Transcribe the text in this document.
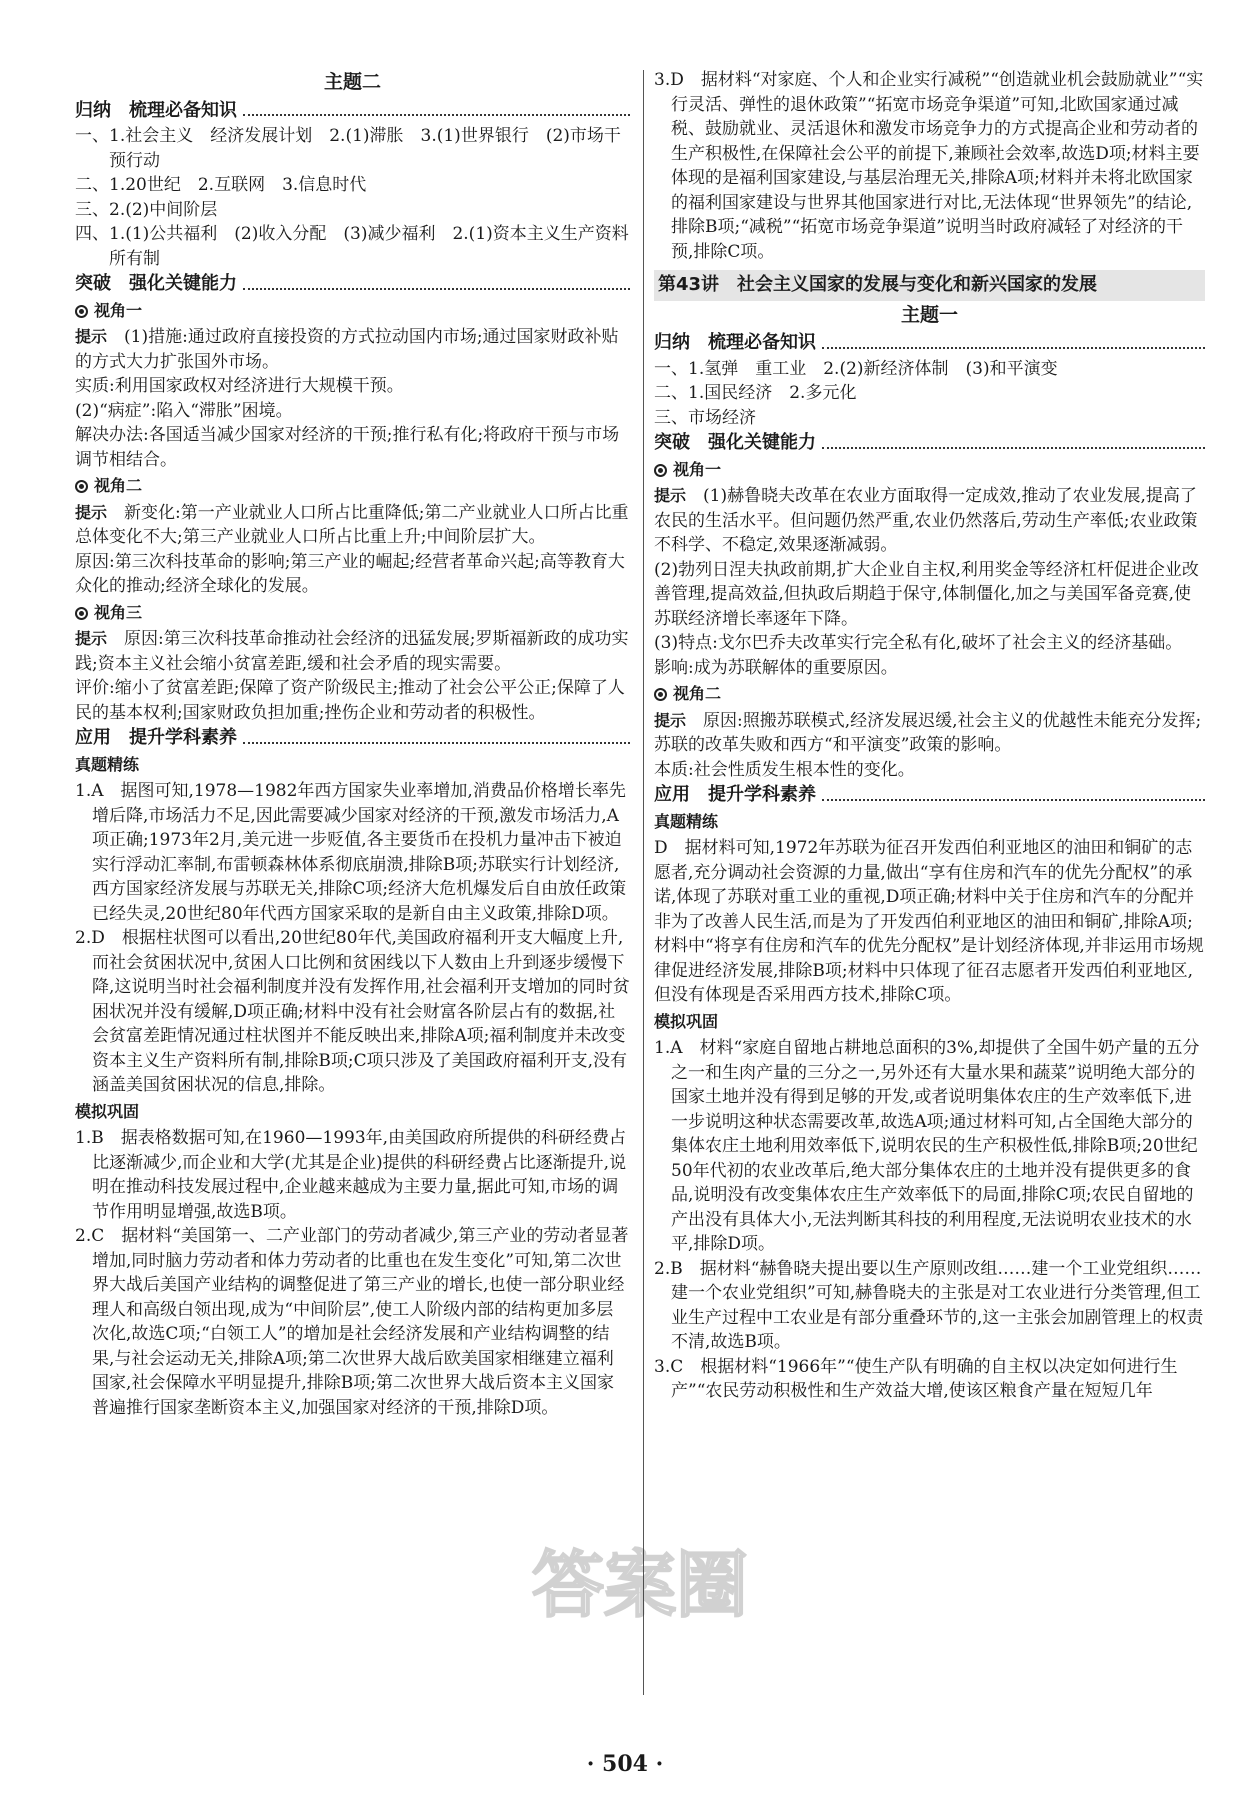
主题二
归纳　梳理必备知识

一、1.社会主义　经济发展计划　2.(1)滞胀　3.(1)世界银行　(2)市场干预行动

二、1.20世纪　2.互联网　3.信息时代

三、2.(2)中间阶层

四、1.(1)公共福利　(2)收入分配　(3)减少福利　2.(1)资本主义生产资料所有制

突破　强化关键能力
视角一

提示　(1)措施:通过政府直接投资的方式拉动国内市场;通过国家财政补贴的方式大力扩张国外市场。

实质:利用国家政权对经济进行大规模干预。

(2)“病症”:陷入“滞胀”困境。

解决办法:各国适当减少国家对经济的干预;推行私有化;将政府干预与市场调节相结合。

视角二

提示　新变化:第一产业就业人口所占比重降低;第二产业就业人口所占比重总体变化不大;第三产业就业人口所占比重上升;中间阶层扩大。

原因:第三次科技革命的影响;第三产业的崛起;经营者革命兴起;高等教育大众化的推动;经济全球化的发展。

视角三

提示　原因:第三次科技革命推动社会经济的迅猛发展;罗斯福新政的成功实践;资本主义社会缩小贫富差距,缓和社会矛盾的现实需要。

评价:缩小了贫富差距;保障了资产阶级民主;推动了社会公平公正;保障了人民的基本权利;国家财政负担加重;挫伤企业和劳动者的积极性。

应用　提升学科素养
真题精练

1.A　据图可知,1978—1982年西方国家失业率增加,消费品价格增长率先增后降,市场活力不足,因此需要减少国家对经济的干预,激发市场活力,A项正确;1973年2月,美元进一步贬值,各主要货币在投机力量冲击下被迫实行浮动汇率制,布雷顿森林体系彻底崩溃,排除B项;苏联实行计划经济,西方国家经济发展与苏联无关,排除C项;经济大危机爆发后自由放任政策已经失灵,20世纪80年代西方国家采取的是新自由主义政策,排除D项。

2.D　根据柱状图可以看出,20世纪80年代,美国政府福利开支大幅度上升,而社会贫困状况中,贫困人口比例和贫困线以下人数由上升到逐步缓慢下降,这说明当时社会福利制度并没有发挥作用,社会福利开支增加的同时贫困状况并没有缓解,D项正确;材料中没有社会财富各阶层占有的数据,社会贫富差距情况通过柱状图并不能反映出来,排除A项;福利制度并未改变资本主义生产资料所有制,排除B项;C项只涉及了美国政府福利开支,没有涵盖美国贫困状况的信息,排除。

模拟巩固

1.B　据表格数据可知,在1960—1993年,由美国政府所提供的科研经费占比逐渐减少,而企业和大学(尤其是企业)提供的科研经费占比逐渐提升,说明在推动科技发展过程中,企业越来越成为主要力量,据此可知,市场的调节作用明显增强,故选B项。

2.C　据材料“美国第一、二产业部门的劳动者减少,第三产业的劳动者显著增加,同时脑力劳动者和体力劳动者的比重也在发生变化”可知,第二次世界大战后美国产业结构的调整促进了第三产业的增长,也使一部分职业经理人和高级白领出现,成为“中间阶层”,使工人阶级内部的结构更加多层次化,故选C项;“白领工人”的增加是社会经济发展和产业结构调整的结果,与社会运动无关,排除A项;第二次世界大战后欧美国家相继建立福利国家,社会保障水平明显提升,排除B项;第二次世界大战后资本主义国家普遍推行国家垄断资本主义,加强国家对经济的干预,排除D项。

3.D　据材料“对家庭、个人和企业实行减税”“创造就业机会鼓励就业”“实行灵活、弹性的退休政策”“拓宽市场竞争渠道”可知,北欧国家通过减税、鼓励就业、灵活退休和激发市场竞争力的方式提高企业和劳动者的生产积极性,在保障社会公平的前提下,兼顾社会效率,故选D项;材料主要体现的是福利国家建设,与基层治理无关,排除A项;材料并未将北欧国家的福利国家建设与世界其他国家进行对比,无法体现“世界领先”的结论,排除B项;“减税”“拓宽市场竞争渠道”说明当时政府减轻了对经济的干预,排除C项。

第43讲　社会主义国家的发展与变化和新兴国家的发展
主题一
归纳　梳理必备知识

一、1.氢弹　重工业　2.(2)新经济体制　(3)和平演变

二、1.国民经济　2.多元化

三、市场经济

突破　强化关键能力
视角一

提示　(1)赫鲁晓夫改革在农业方面取得一定成效,推动了农业发展,提高了农民的生活水平。但问题仍然严重,农业仍然落后,劳动生产率低;农业政策不科学、不稳定,效果逐渐减弱。

(2)勃列日涅夫执政前期,扩大企业自主权,利用奖金等经济杠杆促进企业改善管理,提高效益,但执政后期趋于保守,体制僵化,加之与美国军备竞赛,使苏联经济增长率逐年下降。

(3)特点:戈尔巴乔夫改革实行完全私有化,破坏了社会主义的经济基础。

影响:成为苏联解体的重要原因。

视角二

提示　原因:照搬苏联模式,经济发展迟缓,社会主义的优越性未能充分发挥;苏联的改革失败和西方“和平演变”政策的影响。

本质:社会性质发生根本性的变化。

应用　提升学科素养
真题精练

D　据材料可知,1972年苏联为征召开发西伯利亚地区的油田和铜矿的志愿者,充分调动社会资源的力量,做出“享有住房和汽车的优先分配权”的承诺,体现了苏联对重工业的重视,D项正确;材料中关于住房和汽车的分配并非为了改善人民生活,而是为了开发西伯利亚地区的油田和铜矿,排除A项;材料中“将享有住房和汽车的优先分配权”是计划经济体现,并非运用市场规律促进经济发展,排除B项;材料中只体现了征召志愿者开发西伯利亚地区,但没有体现是否采用西方技术,排除C项。

模拟巩固

1.A　材料“家庭自留地占耕地总面积的3%,却提供了全国牛奶产量的五分之一和生肉产量的三分之一,另外还有大量水果和蔬菜”说明绝大部分的国家土地并没有得到足够的开发,或者说明集体农庄的生产效率低下,进一步说明这种状态需要改革,故选A项;通过材料可知,占全国绝大部分的集体农庄土地利用效率低下,说明农民的生产积极性低,排除B项;20世纪50年代初的农业改革后,绝大部分集体农庄的土地并没有提供更多的食品,说明没有改变集体农庄生产效率低下的局面,排除C项;农民自留地的产出没有具体大小,无法判断其科技的利用程度,无法说明农业技术的水平,排除D项。

2.B　据材料“赫鲁晓夫提出要以生产原则改组……建一个工业党组织……建一个农业党组织”可知,赫鲁晓夫的主张是对工农业进行分类管理,但工业生产过程中工农业是有部分重叠环节的,这一主张会加剧管理上的权责不清,故选B项。

3.C　根据材料“1966年”“使生产队有明确的自主权以决定如何进行生产”“农民劳动积极性和生产效益大增,使该区粮食产量在短短几年

答案圈
· 504 ·
